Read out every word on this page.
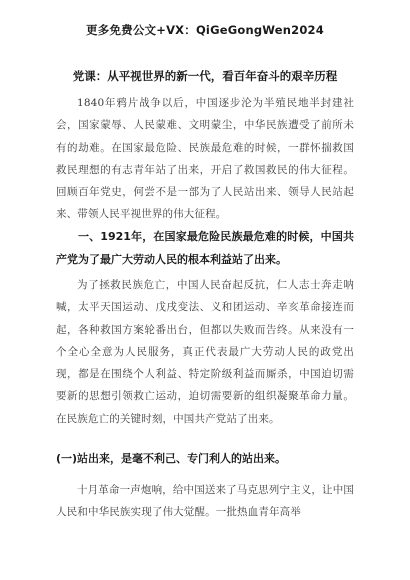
更多免费公文+VX：QiGeGongWen2024
党课：从平视世界的新一代，看百年奋斗的艰辛历程

1840年鸦片战争以后，中国逐步沦为半殖民地半封建社会，国家蒙辱、人民蒙难、文明蒙尘，中华民族遭受了前所未有的劫难。在国家最危险、民族最危难的时候，一群怀揣救国救民理想的有志青年站了出来，开启了救国救民的伟大征程。回顾百年党史，何尝不是一部为了人民站出来、领导人民站起来、带领人民平视世界的伟大征程。

一、1921年，在国家最危险民族最危难的时候，中国共产党为了最广大劳动人民的根本利益站了出来。

为了拯救民族危亡，中国人民奋起反抗，仁人志士奔走呐喊，太平天国运动、戊戌变法、义和团运动、辛亥革命接连而起，各种救国方案轮番出台，但都以失败而告终。从来没有一个全心全意为人民服务，真正代表最广大劳动人民的政党出现，都是在围绕个人利益、特定阶级利益而厮杀，中国迫切需要新的思想引领救亡运动，迫切需要新的组织凝聚革命力量。在民族危亡的关键时刻，中国共产党站了出来。

(一)站出来，是毫不利己、专门利人的站出来。

十月革命一声炮响，给中国送来了马克思列宁主义，让中国人民和中华民族实现了伟大觉醒。一批热血青年高举
